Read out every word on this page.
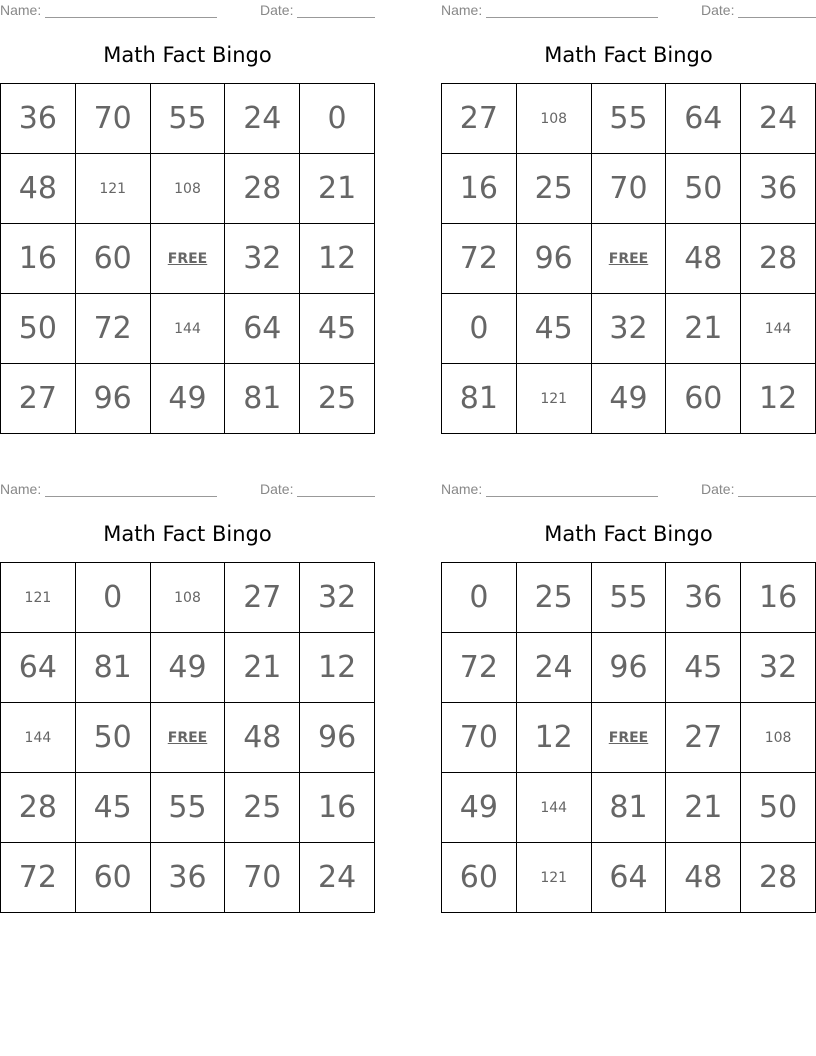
Name:	Date:
Math Fact Bingo
36	70	55	24	0
48	121	108	28	21
16	60	FREE	32	12
50	72	144	64	45
27	96	49	81	25
Name:	Date:
Math Fact Bingo
27	108	55	64	24
16	25	70	50	36
72	96	FREE	48	28
0	45	32	21	144
81	121	49	60	12
Name:	Date:
Math Fact Bingo
121	0	108	27	32
64	81	49	21	12
144	50	FREE	48	96
28	45	55	25	16
72	60	36	70	24
Name:	Date:
Math Fact Bingo
0	25	55	36	16
72	24	96	45	32
70	12	FREE	27	108
49	144	81	21	50
60	121	64	48	28
